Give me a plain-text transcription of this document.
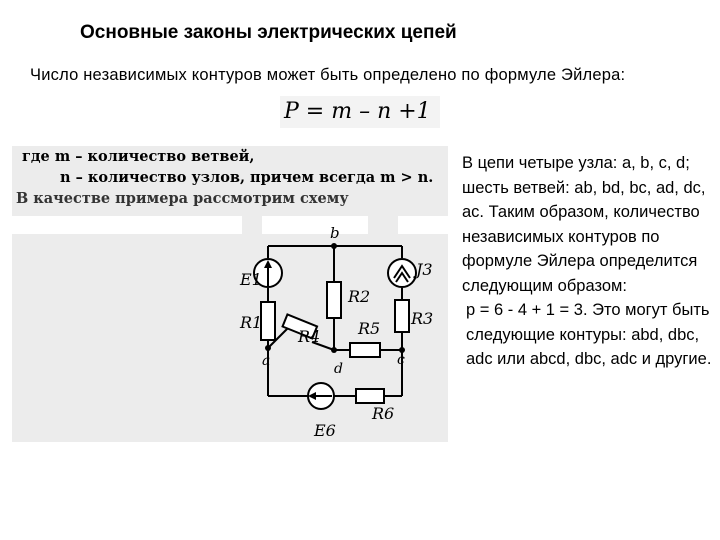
Основные законы электрических цепей
Число независимых контуров может быть определено по формуле Эйлера:
P = m – n +1
где m – количество ветвей,
n – количество узлов, причем всегда m > n.
В качестве примера рассмотрим схему
b
a	c
d
E1
J3
R1
R2
R3
R4 R5
R6
E6
В цепи четыре узла: a, b, c, d; шесть ветвей: ab, bd, bc, ad, dc, ac. Таким образом, количество независимых контуров по формуле Эйлера определится следующим образом:
p = 6 - 4 + 1 = 3. Это могут быть следующие контуры: abd, dbc, adc или abcd, dbc, adc и другие.
